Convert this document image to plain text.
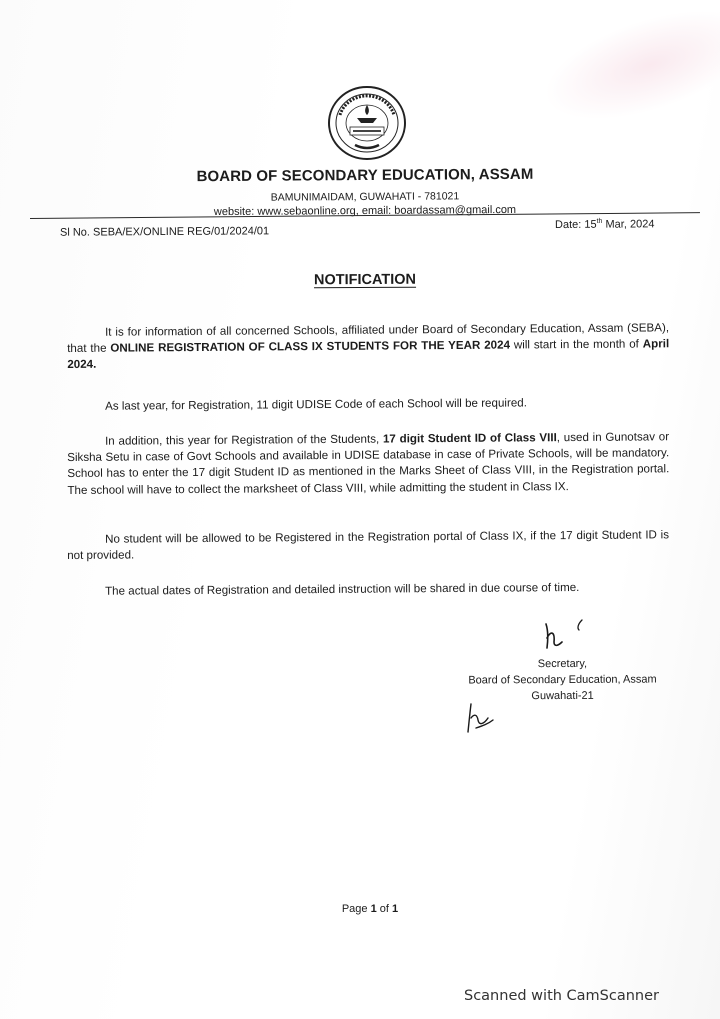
BOARD OF SECONDARY EDUCATION, ASSAM
BAMUNIMAIDAM, GUWAHATI - 781021
website: www.sebaonline.org, email: boardassam@gmail.com
Sl No. SEBA/EX/ONLINE REG/01/2024/01
Date: 15th Mar, 2024
NOTIFICATION
It is for information of all concerned Schools, affiliated under Board of Secondary Education, Assam (SEBA), that the ONLINE REGISTRATION OF CLASS IX STUDENTS FOR THE YEAR 2024 will start in the month of April 2024.
As last year, for Registration, 11 digit UDISE Code of each School will be required.
In addition, this year for Registration of the Students, 17 digit Student ID of Class VIII, used in Gunotsav or Siksha Setu in case of Govt Schools and available in UDISE database in case of Private Schools, will be mandatory. School has to enter the 17 digit Student ID as mentioned in the Marks Sheet of Class VIII, in the Registration portal. The school will have to collect the marksheet of Class VIII, while admitting the student in Class IX.
No student will be allowed to be Registered in the Registration portal of Class IX, if the 17 digit Student ID is not provided.
The actual dates of Registration and detailed instruction will be shared in due course of time.
Secretary,
Board of Secondary Education, Assam
Guwahati-21
Page 1 of 1
Scanned with CamScanner
